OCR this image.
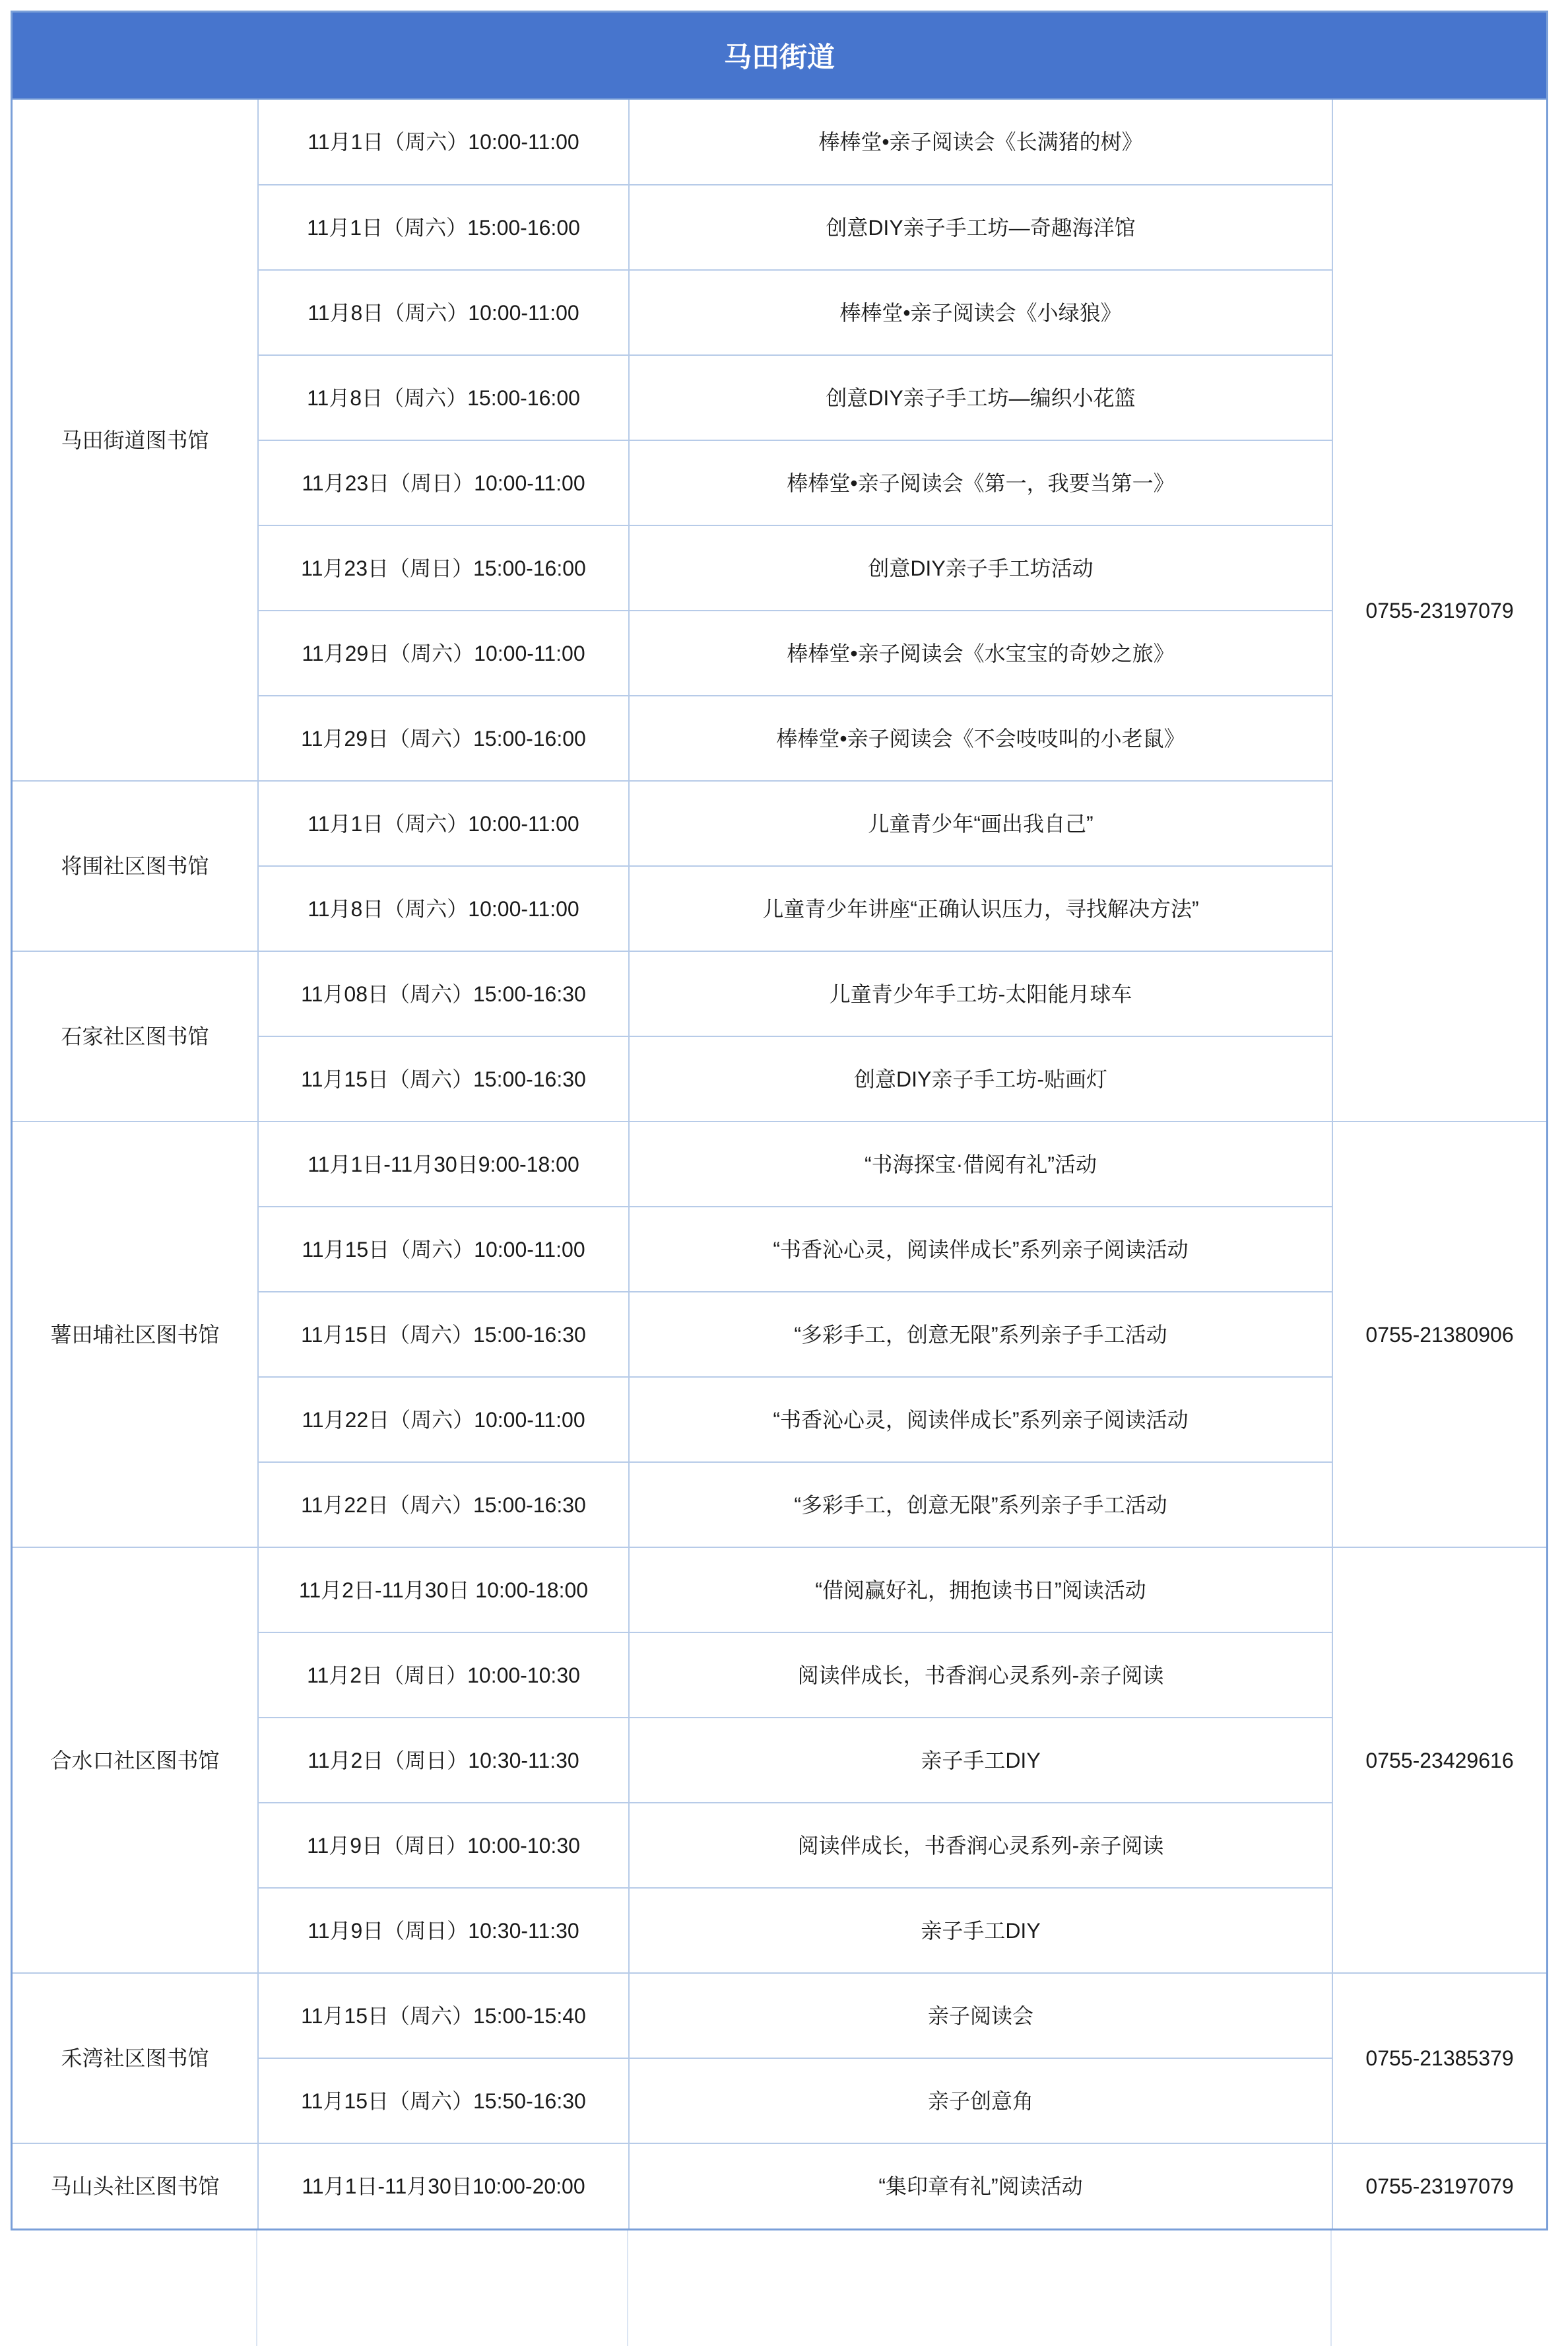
马田街道
马田街道图书馆	11月1日（周六）10:00-11:00	棒棒堂•亲子阅读会《长满猪的树》	0755-23197079
	11月1日（周六）15:00-16:00	创意DIY亲子手工坊—奇趣海洋馆	
	11月8日（周六）10:00-11:00	棒棒堂•亲子阅读会《小绿狼》	
	11月8日（周六）15:00-16:00	创意DIY亲子手工坊—编织小花篮	
	11月23日（周日）10:00-11:00	棒棒堂•亲子阅读会《第一，我要当第一》	
	11月23日（周日）15:00-16:00	创意DIY亲子手工坊活动	
	11月29日（周六）10:00-11:00	棒棒堂•亲子阅读会《水宝宝的奇妙之旅》	
	11月29日（周六）15:00-16:00	棒棒堂•亲子阅读会《不会吱吱叫的小老鼠》	
将围社区图书馆	11月1日（周六）10:00-11:00	儿童青少年“画出我自己”	
	11月8日（周六）10:00-11:00	儿童青少年讲座“正确认识压力，寻找解决方法”	
石家社区图书馆	11月08日（周六）15:00-16:30	儿童青少年手工坊-太阳能月球车	
	11月15日（周六）15:00-16:30	创意DIY亲子手工坊-贴画灯	
薯田埔社区图书馆	11月1日-11月30日9:00-18:00	“书海探宝·借阅有礼”活动	0755-21380906
	11月15日（周六）10:00-11:00	“书香沁心灵，阅读伴成长”系列亲子阅读活动	
	11月15日（周六）15:00-16:30	“多彩手工，创意无限”系列亲子手工活动	
	11月22日（周六）10:00-11:00	“书香沁心灵，阅读伴成长”系列亲子阅读活动	
	11月22日（周六）15:00-16:30	“多彩手工，创意无限”系列亲子手工活动	
合水口社区图书馆	11月2日-11月30日 10:00-18:00	“借阅赢好礼，拥抱读书日”阅读活动	0755-23429616
	11月2日（周日）10:00-10:30	阅读伴成长，书香润心灵系列-亲子阅读	
	11月2日（周日）10:30-11:30	亲子手工DIY	
	11月9日（周日）10:00-10:30	阅读伴成长，书香润心灵系列-亲子阅读	
	11月9日（周日）10:30-11:30	亲子手工DIY	
禾湾社区图书馆	11月15日（周六）15:00-15:40	亲子阅读会	0755-21385379
	11月15日（周六）15:50-16:30	亲子创意角	
马山头社区图书馆	11月1日-11月30日10:00-20:00	“集印章有礼”阅读活动	0755-23197079
